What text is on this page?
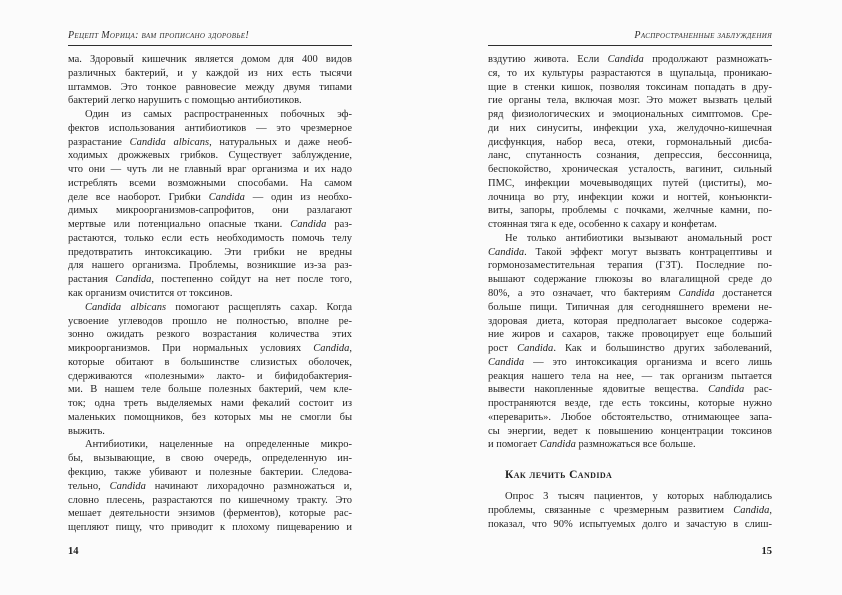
Рецепт Морица: вам прописано здоровье!
ма. Здоровый кишечник является домом для 400 видов
различных бактерий, и у каждой из них есть тысячи
штаммов. Это тонкое равновесие между двумя типами
бактерий легко нарушить с помощью антибиотиков.
Один из самых распространенных побочных эф-
фектов использования антибиотиков — это чрезмерное
разрастание Candida albicans, натуральных и даже необ-
ходимых дрожжевых грибков. Существует заблуждение,
что они — чуть ли не главный враг организма и их надо
истреблять всеми возможными способами. На самом
деле все наоборот. Грибки Candida — один из необхо-
димых микроорганизмов-сапрофитов, они разлагают
мертвые или потенциально опасные ткани. Candida раз-
растаются, только если есть необходимость помочь телу
предотвратить интоксикацию. Эти грибки не вредны
для нашего организма. Проблемы, возникшие из-за раз-
растания Candida, постепенно сойдут на нет после того,
как организм очистится от токсинов.
Candida albicans помогают расщеплять сахар. Когда
усвоение углеводов прошло не полностью, вполне ре-
зонно ожидать резкого возрастания количества этих
микроорганизмов. При нормальных условиях Candida,
которые обитают в большинстве слизистых оболочек,
сдерживаются «полезными» лакто- и бифидобактерия-
ми. В нашем теле больше полезных бактерий, чем кле-
ток; одна треть выделяемых нами фекалий состоит из
маленьких помощников, без которых мы не смогли бы
выжить.
Антибиотики, нацеленные на определенные микро-
бы, вызывающие, в свою очередь, определенную ин-
фекцию, также убивают и полезные бактерии. Следова-
тельно, Candida начинают лихорадочно размножаться и,
словно плесень, разрастаются по кишечному тракту. Это
мешает деятельности энзимов (ферментов), которые рас-
щепляют пищу, что приводит к плохому пищеварению и
14
Распространенные заблуждения
вздутию живота. Если Candida продолжают размножать-
ся, то их культуры разрастаются в щупальца, проникаю-
щие в стенки кишок, позволяя токсинам попадать в дру-
гие органы тела, включая мозг. Это может вызвать целый
ряд физиологических и эмоциональных симптомов. Сре-
ди них синуситы, инфекции уха, желудочно-кишечная
дисфункция, набор веса, отеки, гормональный дисба-
ланс, спутанность сознания, депрессия, бессонница,
беспокойство, хроническая усталость, вагинит, сильный
ПМС, инфекции мочевыводящих путей (циститы), мо-
лочница во рту, инфекции кожи и ногтей, конъюнкти-
виты, запоры, проблемы с почками, желчные камни, по-
стоянная тяга к еде, особенно к сахару и конфетам.
Не только антибиотики вызывают аномальный рост
Candida. Такой эффект могут вызвать контрацептивы и
гормонозаместительная терапия (ГЗТ). Последние по-
вышают содержание глюкозы во влагалищной среде до
80%, а это означает, что бактериям Candida достанется
больше пищи. Типичная для сегодняшнего времени не-
здоровая диета, которая предполагает высокое содержа-
ние жиров и сахаров, также провоцирует еще больший
рост Candida. Как и большинство других заболеваний,
Candida — это интоксикация организма и всего лишь
реакция нашего тела на нее, — так организм пытается
вывести накопленные ядовитые вещества. Candida рас-
пространяются везде, где есть токсины, которые нужно
«переварить». Любое обстоятельство, отнимающее запа-
сы энергии, ведет к повышению концентрации токсинов
и помогает Candida размножаться все больше.
Как лечить Candida
Опрос 3 тысяч пациентов, у которых наблюдались
проблемы, связанные с чрезмерным развитием Candida,
показал, что 90% испытуемых долго и зачастую в слиш-
15
